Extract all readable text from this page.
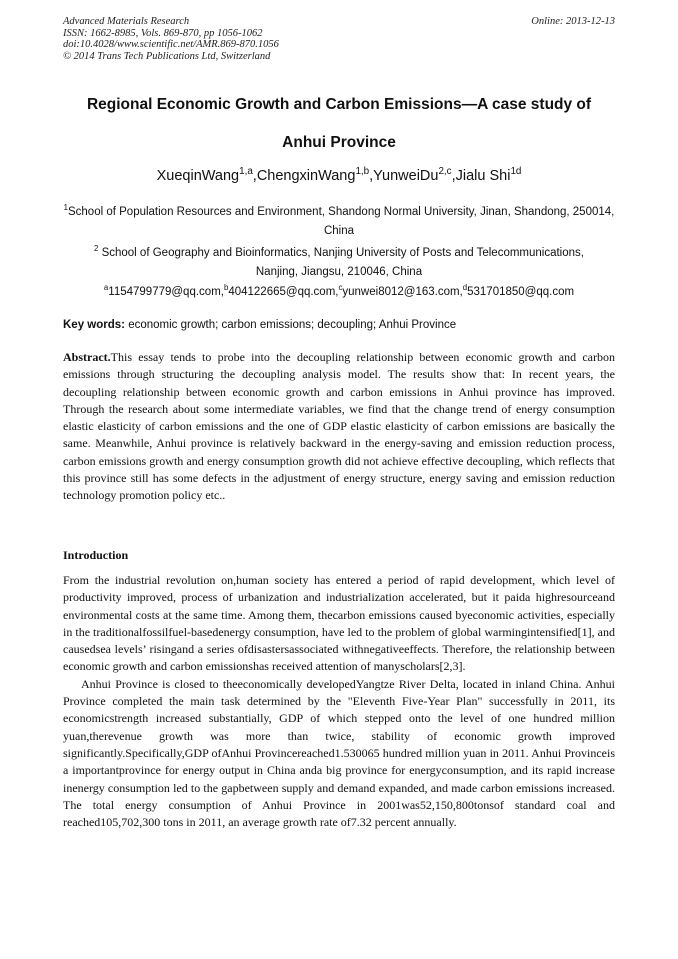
Advanced Materials Research
ISSN: 1662-8985, Vols. 869-870, pp 1056-1062
doi:10.4028/www.scientific.net/AMR.869-870.1056
© 2014 Trans Tech Publications Ltd, Switzerland
Online: 2013-12-13
Regional Economic Growth and Carbon Emissions—A case study of
Anhui Province
XueqinWang$^{1,a}$,ChengxinWang$^{1,b}$,YunweiDu$^{2,c}$,Jialu Shi$^{1d}$
$^1$School of Population Resources and Environment, Shandong Normal University, Jinan, Shandong, 250014, China
$^2$ School of Geography and Bioinformatics, Nanjing University of Posts and Telecommunications,
Nanjing, Jiangsu, 210046, China
$^a$1154799779@qq.com,$^b$404122665@qq.com,$^c$yunwei8012@163.com,$^d$531701850@qq.com
Key words: economic growth; carbon emissions; decoupling; Anhui Province
Abstract.This essay tends to probe into the decoupling relationship between economic growth and carbon emissions through structuring the decoupling analysis model. The results show that: In recent years, the decoupling relationship between economic growth and carbon emissions in Anhui province has improved. Through the research about some intermediate variables, we find that the change trend of energy consumption elastic elasticity of carbon emissions and the one of GDP elastic elasticity of carbon emissions are basically the same. Meanwhile, Anhui province is relatively backward in the energy-saving and emission reduction process, carbon emissions growth and energy consumption growth did not achieve effective decoupling, which reflects that this province still has some defects in the adjustment of energy structure, energy saving and emission reduction technology promotion policy etc..
Introduction

From the industrial revolution on,human society has entered a period of rapid development, which level of productivity improved, process of urbanization and industrialization accelerated, but it paida highresourceand environmental costs at the same time. Among them, thecarbon emissions caused byeconomic activities, especially in the traditionalfossilfuel-basedenergy consumption, have led to the problem of global warmingintensified[1], and causedsea levels’ risingand a series ofdisastersassociated withnegativeeffects. Therefore, the relationship between economic growth and carbon emissionshas received attention of manyscholars[2,3].

Anhui Province is closed to theeconomically developedYangtze River Delta, located in inland China. Anhui Province completed the main task determined by the "Eleventh Five-Year Plan" successfully in 2011, its economicstrength increased substantially, GDP of which stepped onto the level of one hundred million yuan,therevenue growth was more than twice, stability of economic growth improved significantly.Specifically,GDP ofAnhui Provincereached1.530065 hundred million yuan in 2011. Anhui Provinceis a importantprovince for energy output in China anda big province for energyconsumption, and its rapid increase inenergy consumption led to the gapbetween supply and demand expanded, and made carbon emissions increased. The total energy consumption of Anhui Province in 2001was52,150,800tonsof standard coal and reached105,702,300 tons in 2011, an average growth rate of7.32 percent annually.
